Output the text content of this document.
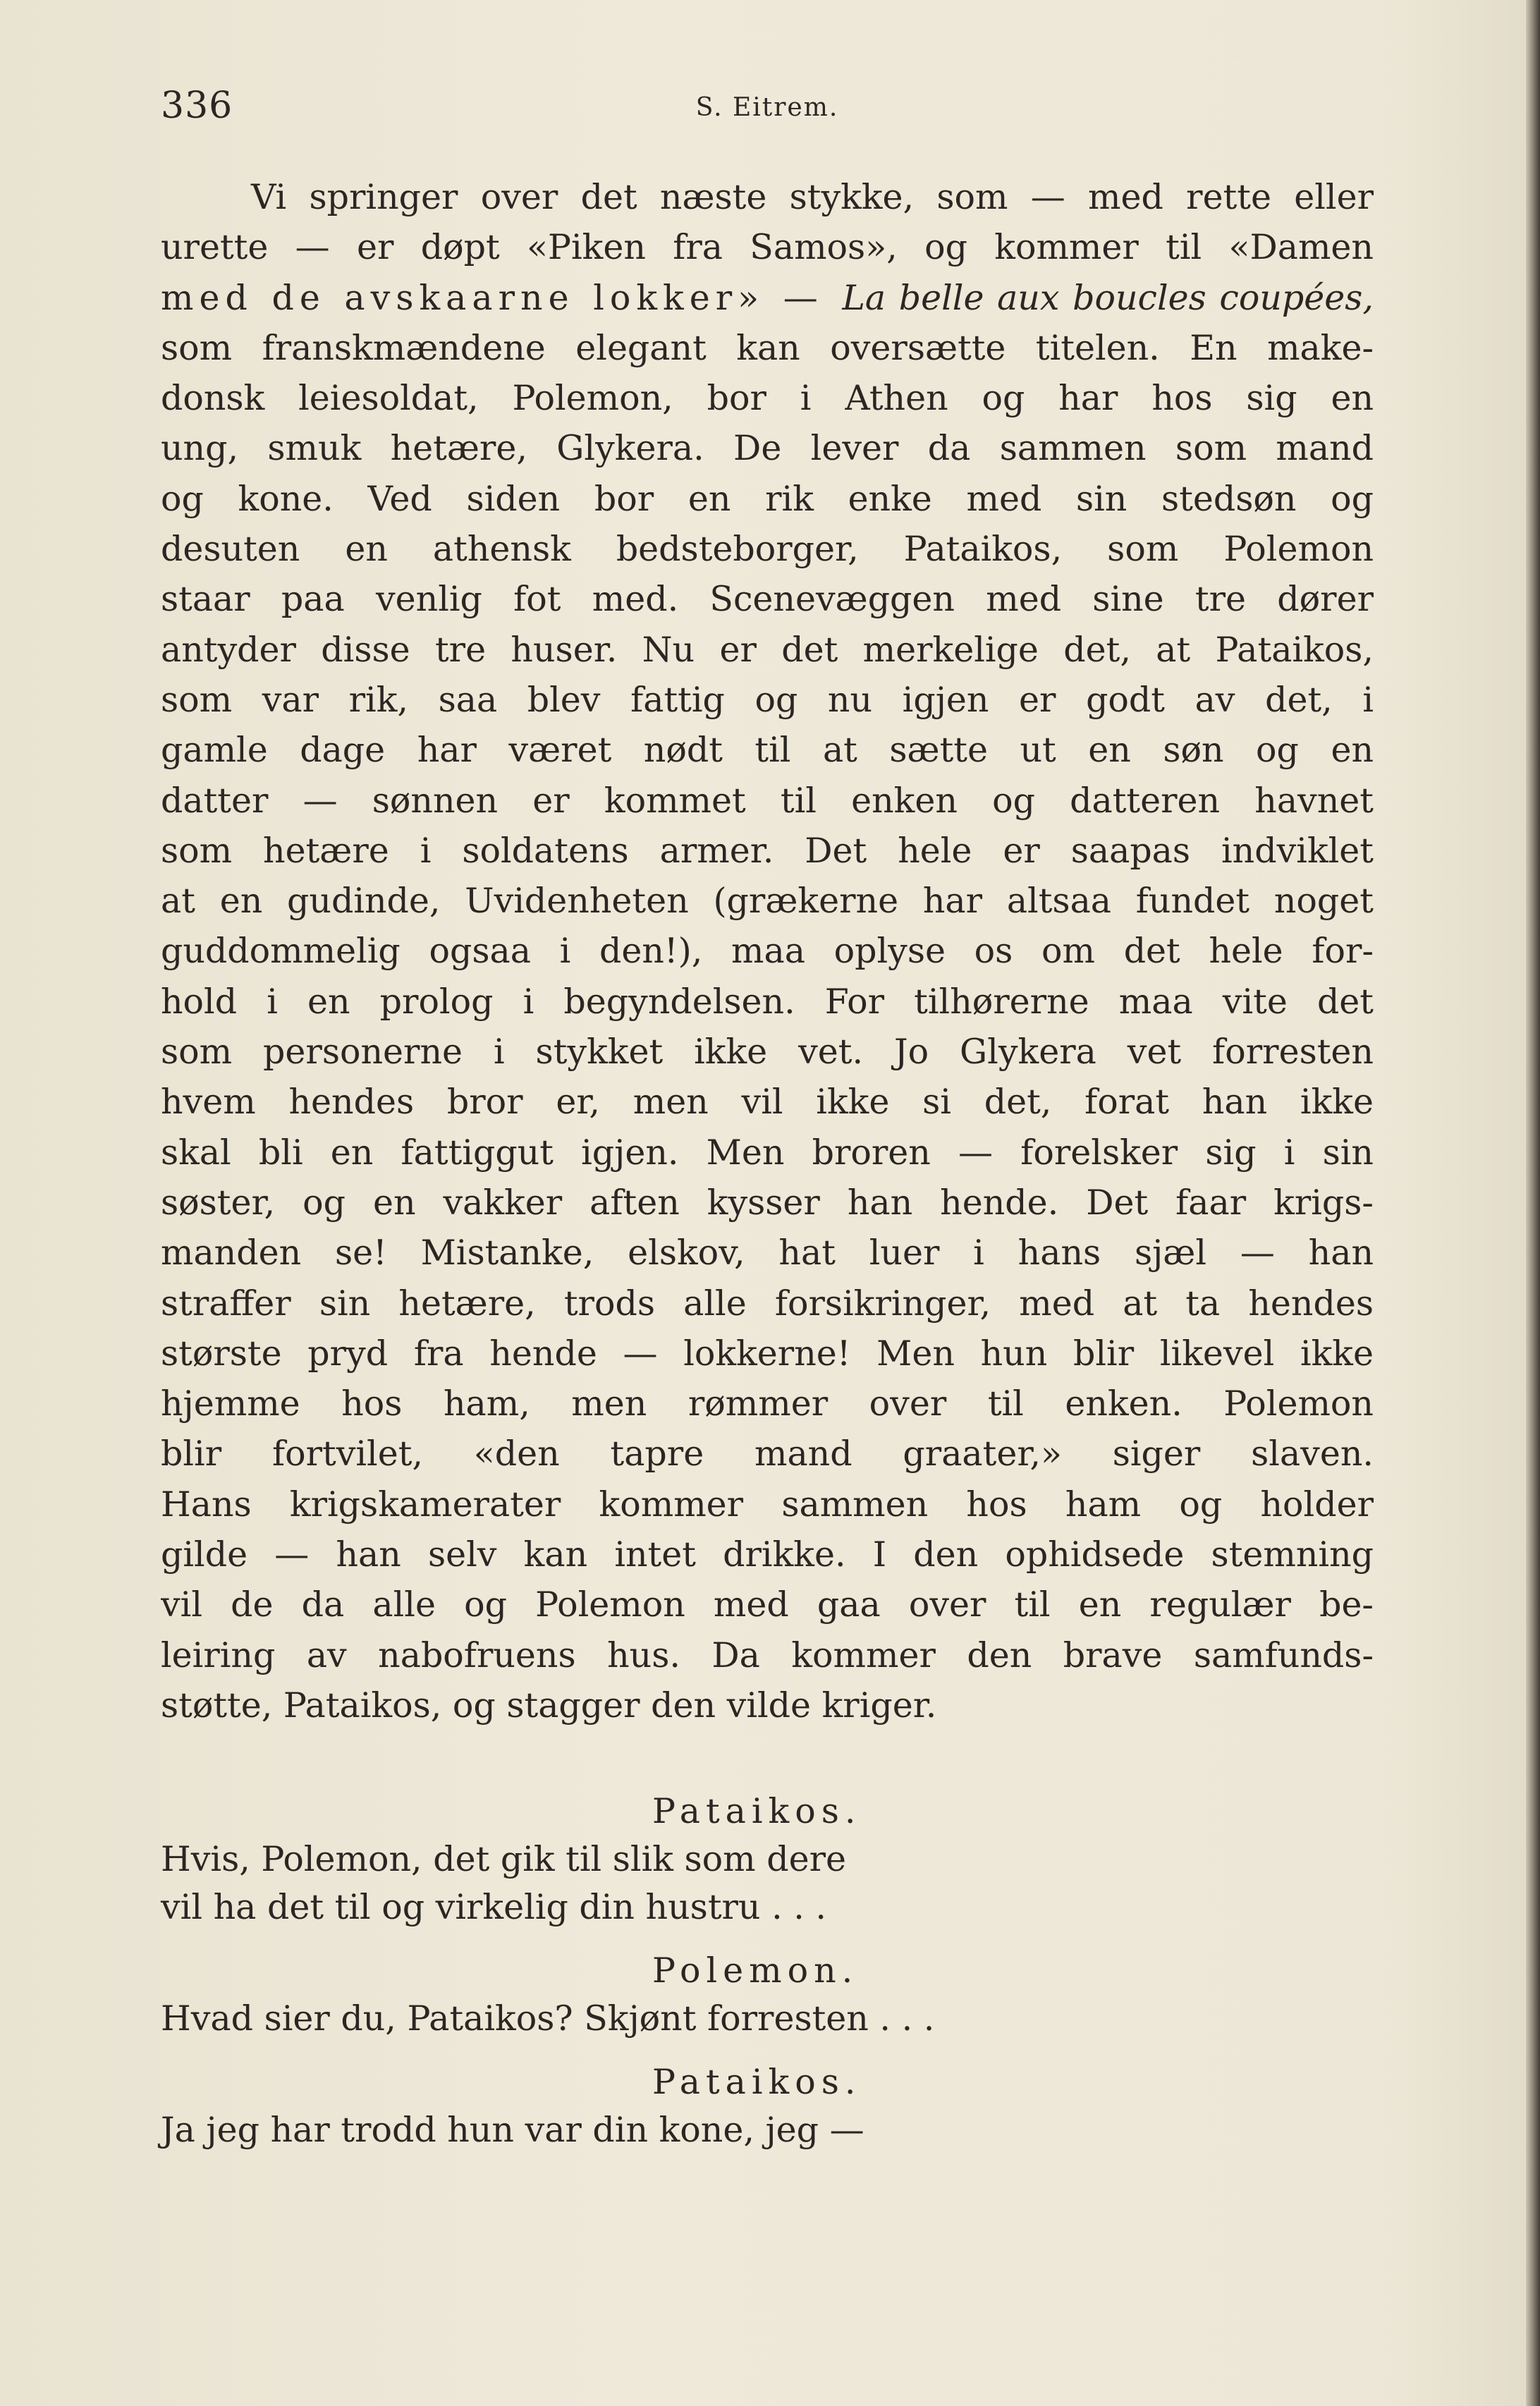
336	S. Eitrem.
Vi springer over det næste stykke, som — med rette eller
urette — er døpt «Piken fra Samos», og kommer til «Damen
med de avskaarne lokker» — La belle aux boucles coupées,
som franskmændene elegant kan oversætte titelen. En make-
donsk leiesoldat, Polemon, bor i Athen og har hos sig en
ung, smuk hetære, Glykera. De lever da sammen som mand
og kone. Ved siden bor en rik enke med sin stedsøn og
desuten en athensk bedsteborger, Pataikos, som Polemon
staar paa venlig fot med. Scenevæggen med sine tre dører
antyder disse tre huser. Nu er det merkelige det, at Pataikos,
som var rik, saa blev fattig og nu igjen er godt av det, i
gamle dage har været nødt til at sætte ut en søn og en
datter — sønnen er kommet til enken og datteren havnet
som hetære i soldatens armer. Det hele er saapas indviklet
at en gudinde, Uvidenheten (grækerne har altsaa fundet noget
guddommelig ogsaa i den!), maa oplyse os om det hele for-
hold i en prolog i begyndelsen. For tilhørerne maa vite det
som personerne i stykket ikke vet. Jo Glykera vet forresten
hvem hendes bror er, men vil ikke si det, forat han ikke
skal bli en fattiggut igjen. Men broren — forelsker sig i sin
søster, og en vakker aften kysser han hende. Det faar krigs-
manden se! Mistanke, elskov, hat luer i hans sjæl — han
straffer sin hetære, trods alle forsikringer, med at ta hendes
største pryd fra hende — lokkerne! Men hun blir likevel ikke
hjemme hos ham, men rømmer over til enken. Polemon
blir fortvilet, «den tapre mand graater,» siger slaven.
Hans krigskamerater kommer sammen hos ham og holder
gilde — han selv kan intet drikke. I den ophidsede stemning
vil de da alle og Polemon med gaa over til en regulær be-
leiring av nabofruens hus. Da kommer den brave samfunds-
støtte, Pataikos, og stagger den vilde kriger.
Pataikos.
Hvis, Polemon, det gik til slik som dere
vil ha det til og virkelig din hustru . . .
Polemon.
Hvad sier du, Pataikos? Skjønt forresten . . .
Pataikos.
Ja jeg har trodd hun var din kone, jeg —
